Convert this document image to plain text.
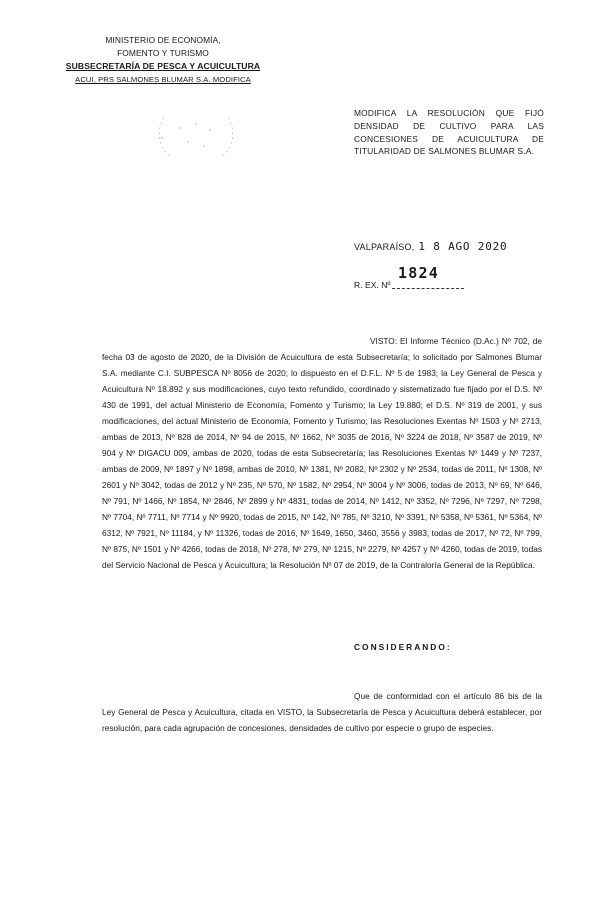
MINISTERIO DE ECONOMÍA,
FOMENTO Y TURISMO
SUBSECRETARÍA DE PESCA Y ACUICULTURA
ACUI, PRS SALMONES BLUMAR S.A. MODIFICA
MODIFICA LA RESOLUCIÓN QUE FIJÓ DENSIDAD DE CULTIVO PARA LAS CONCESIONES DE ACUICULTURA DE TITULARIDAD DE SALMONES BLUMAR S.A.
VALPARAÍSO, 1 8 AGO 2020
R. EX. Nº
1824
VISTO: El Informe Técnico (D.Ac.) Nº 702, de fecha 03 de agosto de 2020, de la División de Acuicultura de esta Subsecretaría; lo solicitado por Salmones Blumar S.A. mediante C.I. SUBPESCA Nº 8056 de 2020; lo dispuesto en el D.F.L. Nº 5 de 1983; la Ley General de Pesca y Acuicultura Nº 18.892 y sus modificaciones, cuyo texto refundido, coordinado y sistematizado fue fijado por el D.S. Nº 430 de 1991, del actual Ministerio de Economía, Fomento y Turismo; la Ley 19.880; el D.S. Nº 319 de 2001, y sus modificaciones, del actual Ministerio de Economía, Fomento y Turismo; las Resoluciones Exentas Nº 1503 y Nº 2713, ambas de 2013, Nº 828 de 2014, Nº 94 de 2015, Nº 1662, Nº 3035 de 2016, Nº 3224 de 2018, Nº 3587 de 2019, Nº 904 y Nº DIGACU 009, ambas de 2020, todas de esta Subsecretaría; las Resoluciones Exentas Nº 1449 y Nº 7237, ambas de 2009, Nº 1897 y Nº 1898, ambas de 2010, Nº 1381, Nº 2082, Nº 2302 y Nº 2534, todas de 2011, Nº 1308, Nº 2601 y Nº 3042, todas de 2012 y Nº 235, Nº 570, Nº 1582, Nº 2954, Nº 3004 y Nº 3006, todas de 2013, Nº 69, Nº 646, Nº 791, Nº 1466, Nº 1854, Nº 2846, Nº 2899 y Nº 4831, todas de 2014, Nº 1412, Nº 3352, Nº 7296, Nº 7297, Nº 7298, Nº 7704, Nº 7711, Nº 7714 y Nº 9920, todas de 2015, Nº 142, Nº 785, Nº 3210, Nº 3391, Nº 5358, Nº 5361, Nº 5364, Nº 6312, Nº 7921, Nº 11184, y Nº 11326, todas de 2016, Nº 1649, 1650, 3460, 3556 y 3983, todas de 2017, Nº 72, Nº 799, Nº 875, Nº 1501 y Nº 4266, todas de 2018, Nº 278, Nº 279, Nº 1215, Nº 2279, Nº 4257 y Nº 4260, todas de 2019, todas del Servicio Nacional de Pesca y Acuicultura; la Resolución Nº 07 de 2019, de la Contraloría General de la República.
CONSIDERANDO:
Que de conformidad con el artículo 86 bis de la Ley General de Pesca y Acuicultura, citada en VISTO, la Subsecretaría de Pesca y Acuicultura deberá establecer, por resolución, para cada agrupación de concesiones, densidades de cultivo por especie o grupo de especies.
